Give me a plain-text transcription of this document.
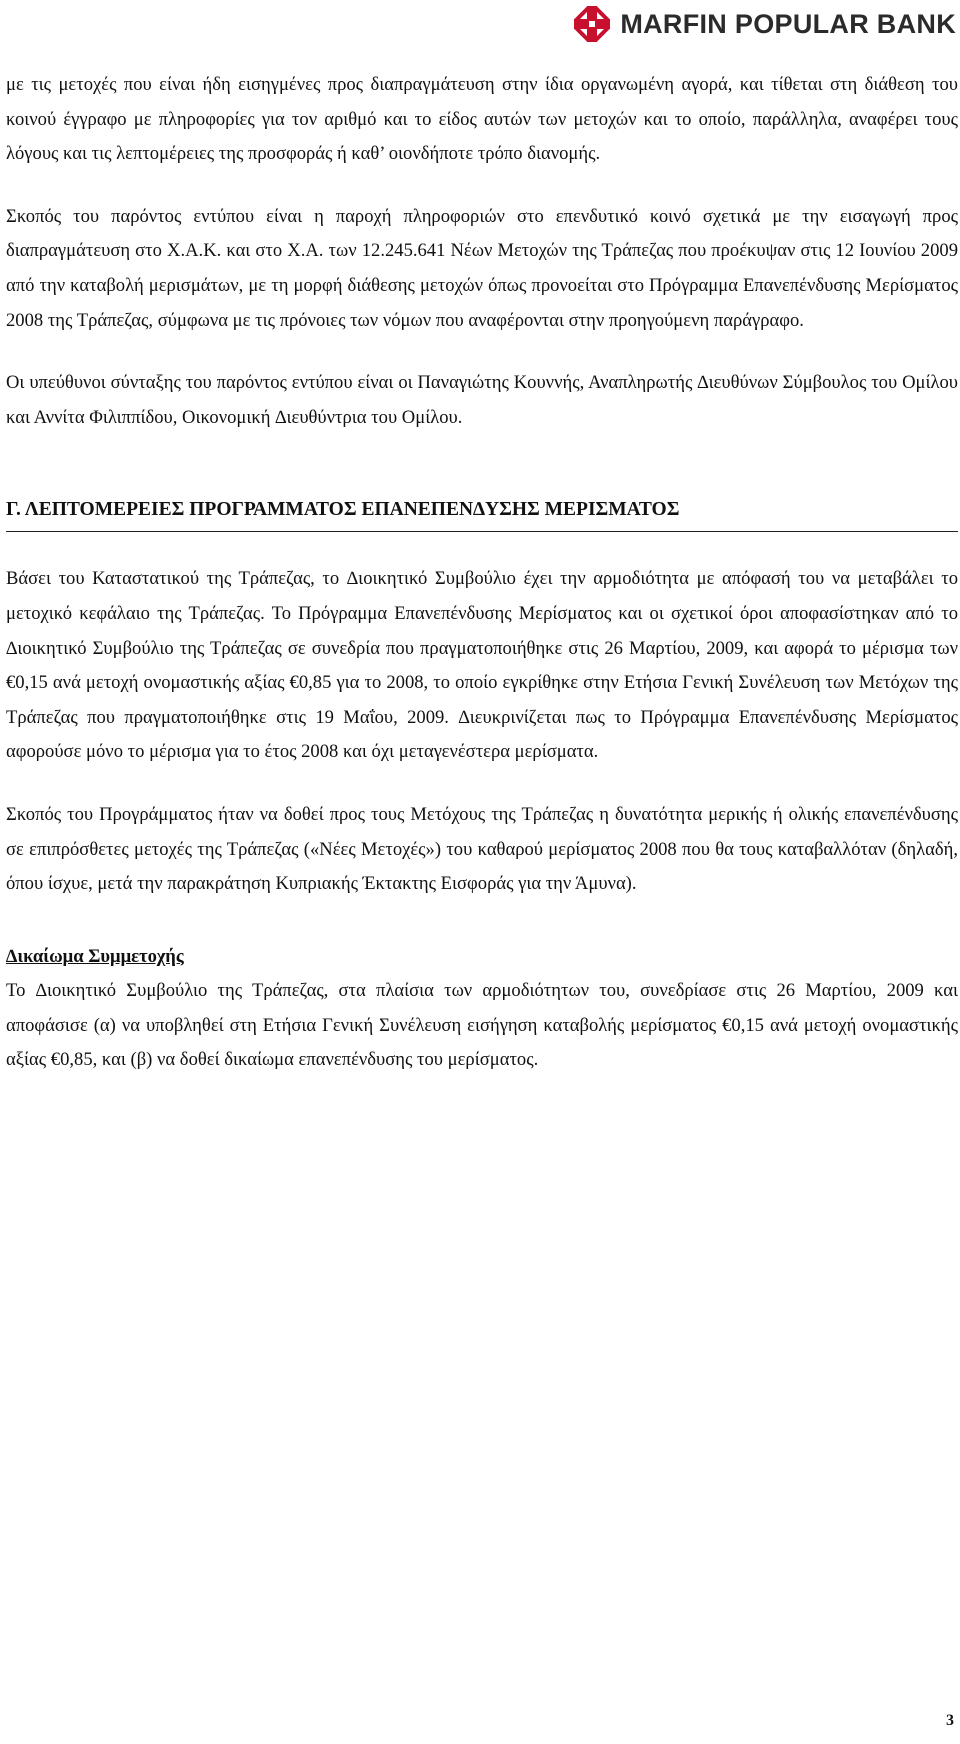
MARFIN POPULAR BANK

με τις μετοχές που είναι ήδη εισηγμένες προς διαπραγμάτευση στην ίδια οργανωμένη αγορά, και τίθεται στη διάθεση του κοινού έγγραφο με πληροφορίες για τον αριθμό και το είδος αυτών των μετοχών και το οποίο, παράλληλα, αναφέρει τους λόγους και τις λεπτομέρειες της προσφοράς ή καθ’ οιονδήποτε τρόπο διανομής.

Σκοπός του παρόντος εντύπου είναι η παροχή πληροφοριών στο επενδυτικό κοινό σχετικά με την εισαγωγή προς διαπραγμάτευση στο Χ.Α.Κ. και στο Χ.Α. των 12.245.641 Νέων Μετοχών της Τράπεζας που προέκυψαν στις 12 Ιουνίου 2009 από την καταβολή μερισμάτων, με τη μορφή διάθεσης μετοχών όπως προνοείται στο Πρόγραμμα Επανεπένδυσης Μερίσματος 2008 της Τράπεζας, σύμφωνα με τις πρόνοιες των νόμων που αναφέρονται στην προηγούμενη παράγραφο.

Οι υπεύθυνοι σύνταξης του παρόντος εντύπου είναι οι Παναγιώτης Κουννής, Αναπληρωτής ∆ιευθύνων Σύμβουλος του Ομίλου και Αννίτα Φιλιππίδου, Οικονομική ∆ιευθύντρια του Ομίλου.

Γ. ΛΕΠΤΟΜΕΡΕΙΕΣ ΠΡΟΓΡΑΜΜΑΤΟΣ ΕΠΑΝΕΠΕΝ∆ΥΣΗΣ ΜΕΡΙΣΜΑΤΟΣ

Βάσει του Καταστατικού της Τράπεζας, το ∆ιοικητικό Συμβούλιο έχει την αρμοδιότητα με απόφασή του να μεταβάλει το μετοχικό κεφάλαιο της Τράπεζας. Το Πρόγραμμα Επανεπένδυσης Μερίσματος και οι σχετικοί όροι αποφασίστηκαν από το ∆ιοικητικό Συμβούλιο της Τράπεζας σε συνεδρία που πραγματοποιήθηκε στις 26 Μαρτίου, 2009, και αφορά το μέρισμα των €0,15 ανά μετοχή ονομαστικής αξίας €0,85 για το 2008, το οποίο εγκρίθηκε στην Ετήσια Γενική Συνέλευση των Μετόχων της Τράπεζας που πραγματοποιήθηκε στις 19 Μαΐου, 2009. ∆ιευκρινίζεται πως το Πρόγραμμα Επανεπένδυσης Μερίσματος αφορούσε μόνο το μέρισμα για το έτος 2008 και όχι μεταγενέστερα μερίσματα.

Σκοπός του Προγράμματος ήταν να δοθεί προς τους Μετόχους της Τράπεζας η δυνατότητα μερικής ή ολικής επανεπένδυσης σε επιπρόσθετες μετοχές της Τράπεζας («Νέες Μετοχές») του καθαρού μερίσματος 2008 που θα τους καταβαλλόταν (δηλαδή, όπου ίσχυε, μετά την παρακράτηση Κυπριακής Έκτακτης Εισφοράς για την Άμυνα).

∆ικαίωμα Συμμετοχής

Το ∆ιοικητικό Συμβούλιο της Τράπεζας, στα πλαίσια των αρμοδιότητων του, συνεδρίασε στις 26 Μαρτίου, 2009 και αποφάσισε (α) να υποβληθεί στη Ετήσια Γενική Συνέλευση εισήγηση καταβολής μερίσματος €0,15 ανά μετοχή ονομαστικής αξίας €0,85, και (β) να δοθεί δικαίωμα επανεπένδυσης του μερίσματος.

3
